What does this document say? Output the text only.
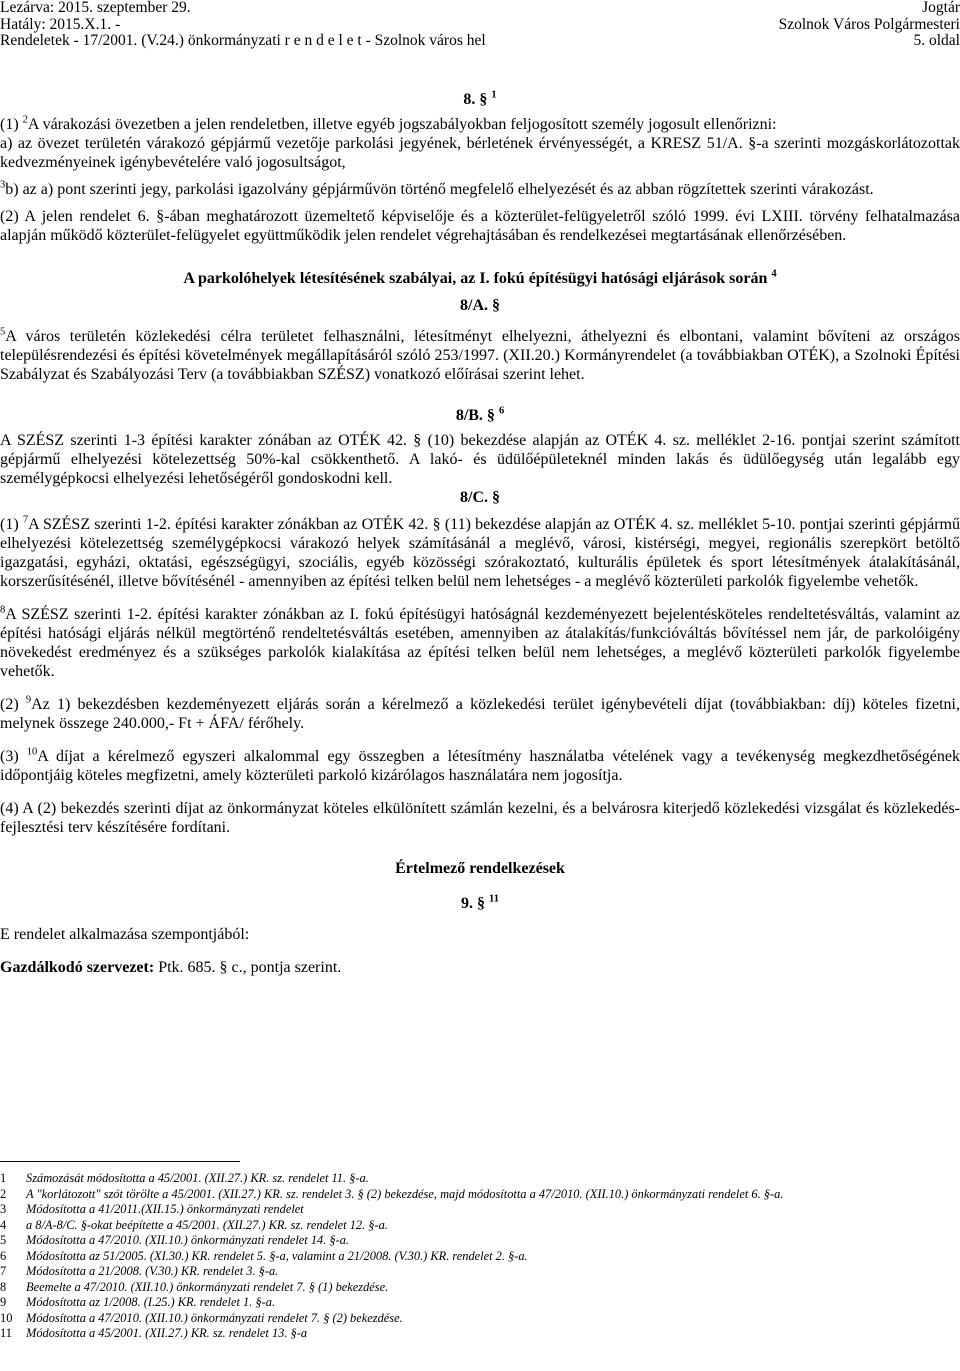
Lezárva: 2015. szeptember 29.
Hatály: 2015.X.1. -
Rendeletek - 17/2001. (V.24.) önkormányzati r e n d e l e t - Szolnok város hel
Jogtár
Szolnok Város Polgármesteri
5. oldal

8. § $^1$

(1) $^2$A várakozási övezetben a jelen rendeletben, illetve egyéb jogszabályokban feljogosított személy jogosult ellenőrizni:

a) az övezet területén várakozó gépjármű vezetője parkolási jegyének, bérletének érvényességét, a KRESZ 51/A. §-a szerinti mozgáskorlátozottak kedvezményeinek igénybevételére való jogosultságot,

$^3$b) az a) pont szerinti jegy, parkolási igazolvány gépjárművön történő megfelelő elhelyezését és az abban rögzítettek szerinti várakozást.

(2) A jelen rendelet 6. §-ában meghatározott üzemeltető képviselője és a közterület-felügyeletről szóló 1999. évi LXIII. törvény felhatalmazása alapján működő közterület-felügyelet együttműködik jelen rendelet végrehajtásában és rendelkezései megtartásának ellenőrzésében.

A parkolóhelyek létesítésének szabályai, az I. fokú építésügyi hatósági eljárások során $^4$

8/A. §

$^5$A város területén közlekedési célra területet felhasználni, létesítményt elhelyezni, áthelyezni és elbontani, valamint bővíteni az országos településrendezési és építési követelmények megállapításáról szóló 253/1997. (XII.20.) Kormányrendelet (a továbbiakban OTÉK), a Szolnoki Építési Szabályzat és Szabályozási Terv (a továbbiakban SZÉSZ) vonatkozó előírásai szerint lehet.

8/B. § $^6$

A SZÉSZ szerinti 1-3 építési karakter zónában az OTÉK 42. § (10) bekezdése alapján az OTÉK 4. sz. melléklet 2-16. pontjai szerint számított gépjármű elhelyezési kötelezettség 50%-kal csökkenthető. A lakó- és üdülőépületeknél minden lakás és üdülőegység után legalább egy személygépkocsi elhelyezési lehetőségéről gondoskodni kell.

8/C. §

(1) $^7$A SZÉSZ szerinti 1-2. építési karakter zónákban az OTÉK 42. § (11) bekezdése alapján az OTÉK 4. sz. melléklet 5-10. pontjai szerinti gépjármű elhelyezési kötelezettség személygépkocsi várakozó helyek számításánál a meglévő, városi, kistérségi, megyei, regionális szerepkört betöltő igazgatási, egyházi, oktatási, egészségügyi, szociális, egyéb közösségi szórakoztató, kulturális épületek és sport létesítmények átalakításánál, korszerűsítésénél, illetve bővítésénél - amennyiben az építési telken belül nem lehetséges - a meglévő közterületi parkolók figyelembe vehetők.

$^8$A SZÉSZ szerinti 1-2. építési karakter zónákban az I. fokú építésügyi hatóságnál kezdeményezett bejelentésköteles rendeltetésváltás, valamint az építési hatósági eljárás nélkül megtörténő rendeltetésváltás esetében, amennyiben az átalakítás/funkcióváltás bővítéssel nem jár, de parkolóigény növekedést eredményez és a szükséges parkolók kialakítása az építési telken belül nem lehetséges, a meglévő közterületi parkolók figyelembe vehetők.

(2) $^9$Az 1) bekezdésben kezdeményezett eljárás során a kérelmező a közlekedési terület igénybevételi díjat (továbbiakban: díj) köteles fizetni, melynek összege 240.000,- Ft + ÁFA/ férőhely.

(3) $^{10}$A díjat a kérelmező egyszeri alkalommal egy összegben a létesítmény használatba vételének vagy a tevékenység megkezdhetőségének időpontjáig köteles megfizetni, amely közterületi parkoló kizárólagos használatára nem jogosítja.

(4) A (2) bekezdés szerinti díjat az önkormányzat köteles elkülönített számlán kezelni, és a belvárosra kiterjedő közlekedési vizsgálat és közlekedés-fejlesztési terv készítésére fordítani.

Értelmező rendelkezések

9. § $^{11}$

E rendelet alkalmazása szempontjából:

Gazdálkodó szervezet: Ptk. 685. § c., pontja szerint.

1	Számozását módosította a 45/2001. (XII.27.) KR. sz. rendelet 11. §-a.
2	A "korlátozott" szót törölte a 45/2001. (XII.27.) KR. sz. rendelet 3. § (2) bekezdése, majd módosította a 47/2010. (XII.10.) önkormányzati rendelet 6. §-a.
3	Módosította a 41/2011.(XII.15.) önkormányzati rendelet
4	a 8/A-8/C. §-okat beépítette a 45/2001. (XII.27.) KR. sz. rendelet 12. §-a.
5	Módosította a 47/2010. (XII.10.) önkormányzati rendelet 14. §-a.
6	Módosította az 51/2005. (XI.30.) KR. rendelet 5. §-a, valamint a 21/2008. (V.30.) KR. rendelet 2. §-a.
7	Módosította a 21/2008. (V.30.) KR. rendelet 3. §-a.
8	Beemelte a 47/2010. (XII.10.) önkormányzati rendelet 7. § (1) bekezdése.
9	Módosította az 1/2008. (I.25.) KR. rendelet 1. §-a.
10	Módosította a 47/2010. (XII.10.) önkormányzati rendelet 7. § (2) bekezdése.
11	Módosította a 45/2001. (XII.27.) KR. sz. rendelet 13. §-a
